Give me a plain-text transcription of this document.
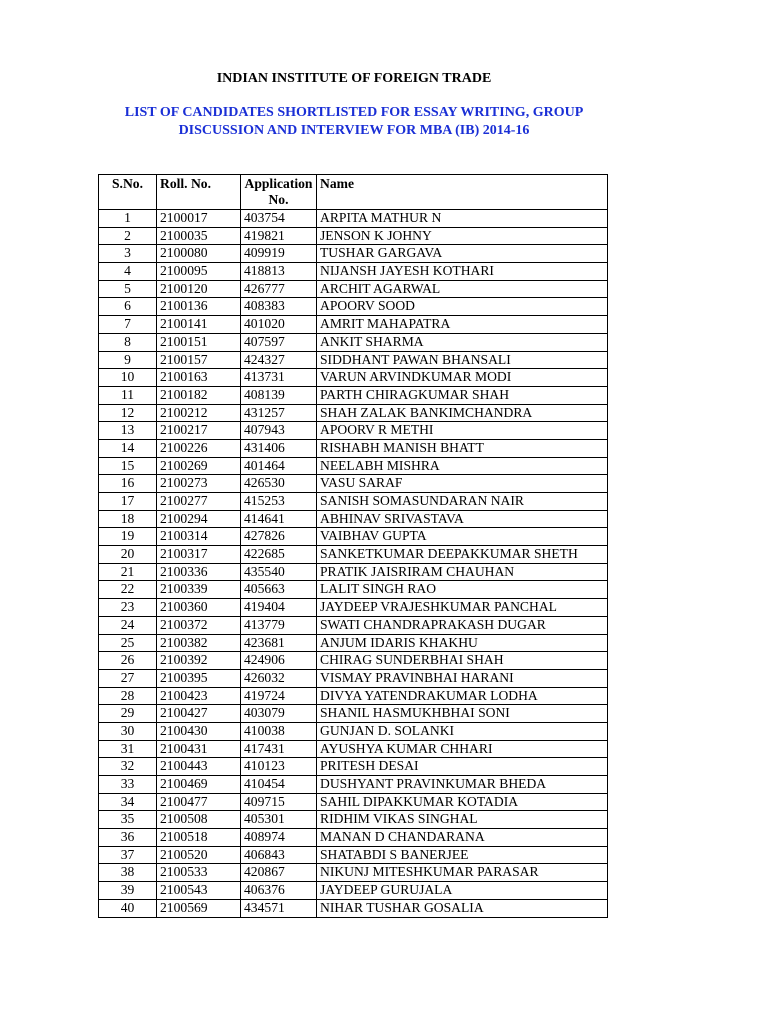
INDIAN INSTITUTE OF FOREIGN TRADE
LIST OF CANDIDATES SHORTLISTED FOR ESSAY WRITING, GROUP
DISCUSSION AND INTERVIEW FOR MBA (IB) 2014-16
S.No.	Roll. No.	Application No.	Name
1	2100017	403754	ARPITA MATHUR N
2	2100035	419821	JENSON K JOHNY
3	2100080	409919	TUSHAR GARGAVA
4	2100095	418813	NIJANSH JAYESH KOTHARI
5	2100120	426777	ARCHIT AGARWAL
6	2100136	408383	APOORV SOOD
7	2100141	401020	AMRIT MAHAPATRA
8	2100151	407597	ANKIT SHARMA
9	2100157	424327	SIDDHANT PAWAN BHANSALI
10	2100163	413731	VARUN ARVINDKUMAR MODI
11	2100182	408139	PARTH CHIRAGKUMAR SHAH
12	2100212	431257	SHAH ZALAK BANKIMCHANDRA
13	2100217	407943	APOORV R METHI
14	2100226	431406	RISHABH MANISH BHATT
15	2100269	401464	NEELABH MISHRA
16	2100273	426530	VASU SARAF
17	2100277	415253	SANISH SOMASUNDARAN NAIR
18	2100294	414641	ABHINAV SRIVASTAVA
19	2100314	427826	VAIBHAV GUPTA
20	2100317	422685	SANKETKUMAR DEEPAKKUMAR SHETH
21	2100336	435540	PRATIK JAISRIRAM CHAUHAN
22	2100339	405663	LALIT SINGH RAO
23	2100360	419404	JAYDEEP VRAJESHKUMAR PANCHAL
24	2100372	413779	SWATI CHANDRAPRAKASH DUGAR
25	2100382	423681	ANJUM IDARIS KHAKHU
26	2100392	424906	CHIRAG SUNDERBHAI SHAH
27	2100395	426032	VISMAY PRAVINBHAI HARANI
28	2100423	419724	DIVYA YATENDRAKUMAR LODHA
29	2100427	403079	SHANIL HASMUKHBHAI SONI
30	2100430	410038	GUNJAN D. SOLANKI
31	2100431	417431	AYUSHYA KUMAR CHHARI
32	2100443	410123	PRITESH DESAI
33	2100469	410454	DUSHYANT PRAVINKUMAR BHEDA
34	2100477	409715	SAHIL DIPAKKUMAR KOTADIA
35	2100508	405301	RIDHIM VIKAS SINGHAL
36	2100518	408974	MANAN D CHANDARANA
37	2100520	406843	SHATABDI S BANERJEE
38	2100533	420867	NIKUNJ MITESHKUMAR PARASAR
39	2100543	406376	JAYDEEP GURUJALA
40	2100569	434571	NIHAR TUSHAR GOSALIA
